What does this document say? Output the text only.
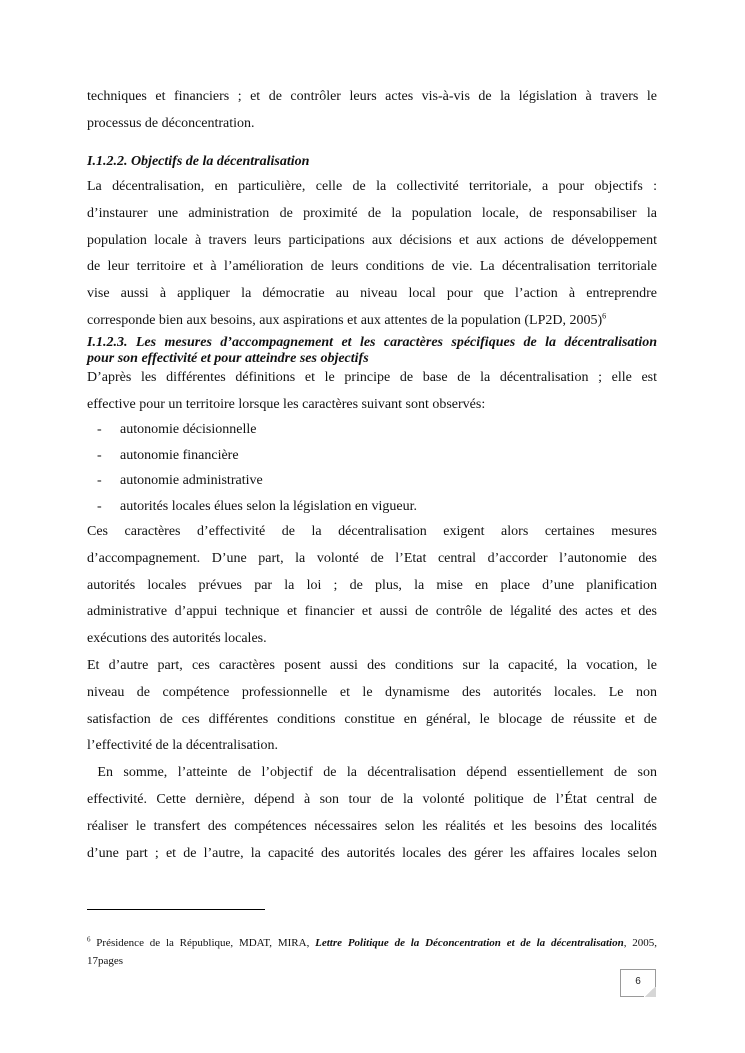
techniques et financiers ; et de contrôler leurs actes vis-à-vis de la législation à travers le
processus de déconcentration.
I.1.2.2. Objectifs de la décentralisation
La décentralisation, en particulière, celle de la collectivité territoriale, a pour objectifs :
d’instaurer une administration de proximité de la population locale, de responsabiliser la
population locale à travers leurs participations aux décisions et aux actions de développement
de leur territoire et à l’amélioration de leurs conditions de vie. La décentralisation territoriale
vise aussi à appliquer la démocratie au niveau local pour que l’action à entreprendre
corresponde bien aux besoins, aux aspirations et aux attentes de la population (LP2D, 2005)$^6$
I.1.2.3. Les mesures d’accompagnement et les caractères spécifiques de la décentralisation
pour son effectivité et pour atteindre ses objectifs
D’après les différentes définitions et le principe de base de la décentralisation ; elle est
effective pour un territoire lorsque les caractères suivant sont observés:
- autonomie décisionnelle
- autonomie financière
- autonomie administrative
- autorités locales élues selon la législation en vigueur.
Ces caractères d’effectivité de la décentralisation exigent alors certaines mesures
d’accompagnement. D’une part, la volonté de l’Etat central d’accorder l’autonomie des
autorités locales prévues par la loi ; de plus, la mise en place d’une planification
administrative d’appui technique et financier et aussi de contrôle de légalité des actes et des
exécutions des autorités locales.
Et d’autre part, ces caractères posent aussi des conditions sur la capacité, la vocation, le
niveau de compétence professionnelle et le dynamisme des autorités locales. Le non
satisfaction de ces différentes conditions constitue en général, le blocage de réussite et de
l’effectivité de la décentralisation.
En somme, l’atteinte de l’objectif de la décentralisation dépend essentiellement de son
effectivité. Cette dernière, dépend à son tour de la volonté politique de l’État central de
réaliser le transfert des compétences nécessaires selon les réalités et les besoins des localités
d’une part ; et de l’autre, la capacité des autorités locales des gérer les affaires locales selon
$^6$ Présidence de la République, MDAT, MIRA, Lettre Politique de la Déconcentration et de la décentralisation, 2005,
17pages
6
